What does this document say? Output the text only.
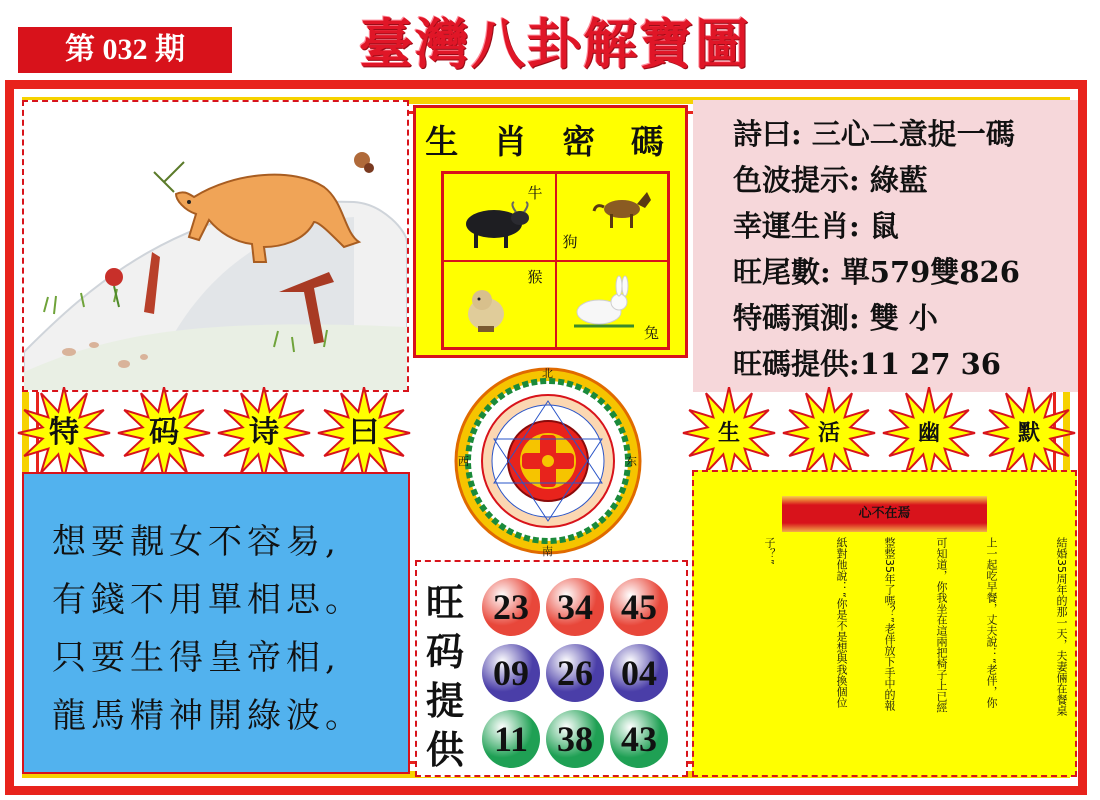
第 032 期	臺灣八卦解寶圖
生 肖 密 碼
牛
狗
猴
兔
詩曰: 三心二意捉一碼
色波提示: 綠藍
幸運生肖: 鼠
旺尾數: 單579雙826
特碼預測: 雙 小
旺碼提供:11 27 36
北
东
西
南
特	码	诗	曰	生	活	幽	默
想要靚女不容易,
有錢不用單相思。
只要生得皇帝相,
龍馬精神開綠波。
旺
码
提
供
23 34 45
09 26 04
11 38 43
心不在焉
結婚35周年的那一天，夫妻倆在餐桌
上一起吃早餐，丈夫說：“老伴，你
可知道，你我坐在這兩把椅子上已經
整整35年了嗎？”老伴放下手中的報
紙對他說：“你是不是想與我換個位
子？”
